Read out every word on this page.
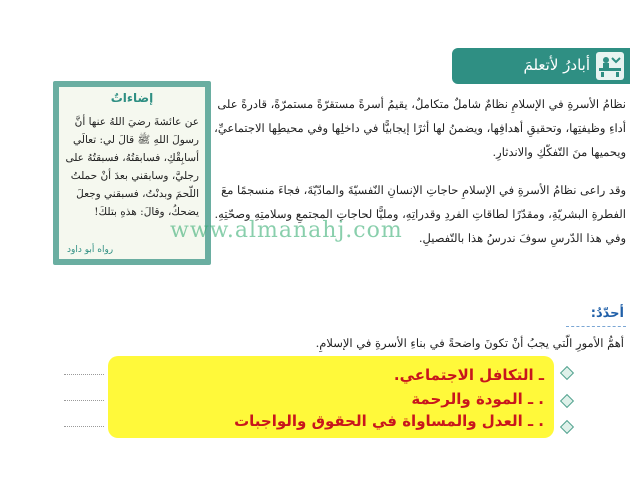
أبادرُ لأتعلمَ
نظامُ الأسرةِ في الإسلامِ نظامٌ شاملٌ متكاملٌ، يقيمُ أسرةً مستقرّةً مستمرّةً، قادرةً على أداءِ وظيفتِها، وتحقيقِ أهدافِها، ويضمنُ لها أثرًا إيجابيًّا في داخلِها وفي محيطِها الاجتماعيِّ، ويحميها منَ التّفكّكِ والاندثارِ.
وقد راعى نظامُ الأسرةِ في الإسلامِ حاجاتِ الإنسانِ النّفسيّةَ والمادّيّةَ، فجاءَ منسجمًا معَ الفطرةِ البشريّةِ، ومقدّرًا لطاقاتِ الفردِ وقدراتِهِ، ومليًّا لحاجاتِ المجتمعِ وسلامتِهِ وصحّتِهِ. وفي هذا الدّرسِ سوفَ ندرسُ هذا بالتّفصيلِ.
إضاءاتٌ
عن عائشةَ رضيَ اللهُ عنها أنَّ رسولَ اللهِ ﷺ قالَ لي: تعالَي أسابِقْكِ، فسابقتُهُ، فسبقتُهُ على رجليَّ، وسابقني بعدَ أنْ حملتُ اللّحمَ وبدنْتُ، فسبقني وجعلَ يضحكُ، وقالَ: هذهِ بتلكَ!
رواه أبو داود
www.almanahj.com
أحدّدُ:
أهمُّ الأمورِ الّتي يجبُ أنْ تكونَ واضحةً في بناءِ الأسرةِ في الإسلامِ.
ـ التكافل الاجتماعي.
. ـ المودة والرحمة
. ـ العدل والمساواة في الحقوق والواجبات
